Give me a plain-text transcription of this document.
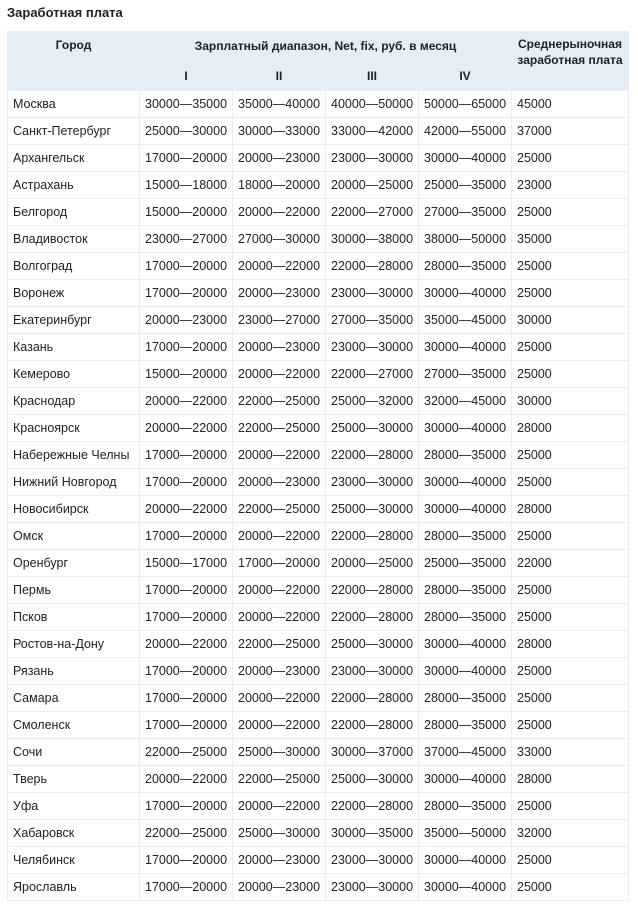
Заработная плата
Город	Зарплатный диапазон, Net, fix, руб. в месяц				Среднерыночная заработная плата
	I	II	III	IV	
Москва	30000—35000	35000—40000	40000—50000	50000—65000	45000
Санкт-Петербург	25000—30000	30000—33000	33000—42000	42000—55000	37000
Архангельск	17000—20000	20000—23000	23000—30000	30000—40000	25000
Астрахань	15000—18000	18000—20000	20000—25000	25000—35000	23000
Белгород	15000—20000	20000—22000	22000—27000	27000—35000	25000
Владивосток	23000—27000	27000—30000	30000—38000	38000—50000	35000
Волгоград	17000—20000	20000—22000	22000—28000	28000—35000	25000
Воронеж	17000—20000	20000—23000	23000—30000	30000—40000	25000
Екатеринбург	20000—23000	23000—27000	27000—35000	35000—45000	30000
Казань	17000—20000	20000—23000	23000—30000	30000—40000	25000
Кемерово	15000—20000	20000—22000	22000—27000	27000—35000	25000
Краснодар	20000—22000	22000—25000	25000—32000	32000—45000	30000
Красноярск	20000—22000	22000—25000	25000—30000	30000—40000	28000
Набережные Челны	17000—20000	20000—22000	22000—28000	28000—35000	25000
Нижний Новгород	17000—20000	20000—23000	23000—30000	30000—40000	25000
Новосибирск	20000—22000	22000—25000	25000—30000	30000—40000	28000
Омск	17000—20000	20000—22000	22000—28000	28000—35000	25000
Оренбург	15000—17000	17000—20000	20000—25000	25000—35000	22000
Пермь	17000—20000	20000—22000	22000—28000	28000—35000	25000
Псков	17000—20000	20000—22000	22000—28000	28000—35000	25000
Ростов-на-Дону	20000—22000	22000—25000	25000—30000	30000—40000	28000
Рязань	17000—20000	20000—23000	23000—30000	30000—40000	25000
Самара	17000—20000	20000—22000	22000—28000	28000—35000	25000
Смоленск	17000—20000	20000—22000	22000—28000	28000—35000	25000
Сочи	22000—25000	25000—30000	30000—37000	37000—45000	33000
Тверь	20000—22000	22000—25000	25000—30000	30000—40000	28000
Уфа	17000—20000	20000—22000	22000—28000	28000—35000	25000
Хабаровск	22000—25000	25000—30000	30000—35000	35000—50000	32000
Челябинск	17000—20000	20000—23000	23000—30000	30000—40000	25000
Ярославль	17000—20000	20000—23000	23000—30000	30000—40000	25000
